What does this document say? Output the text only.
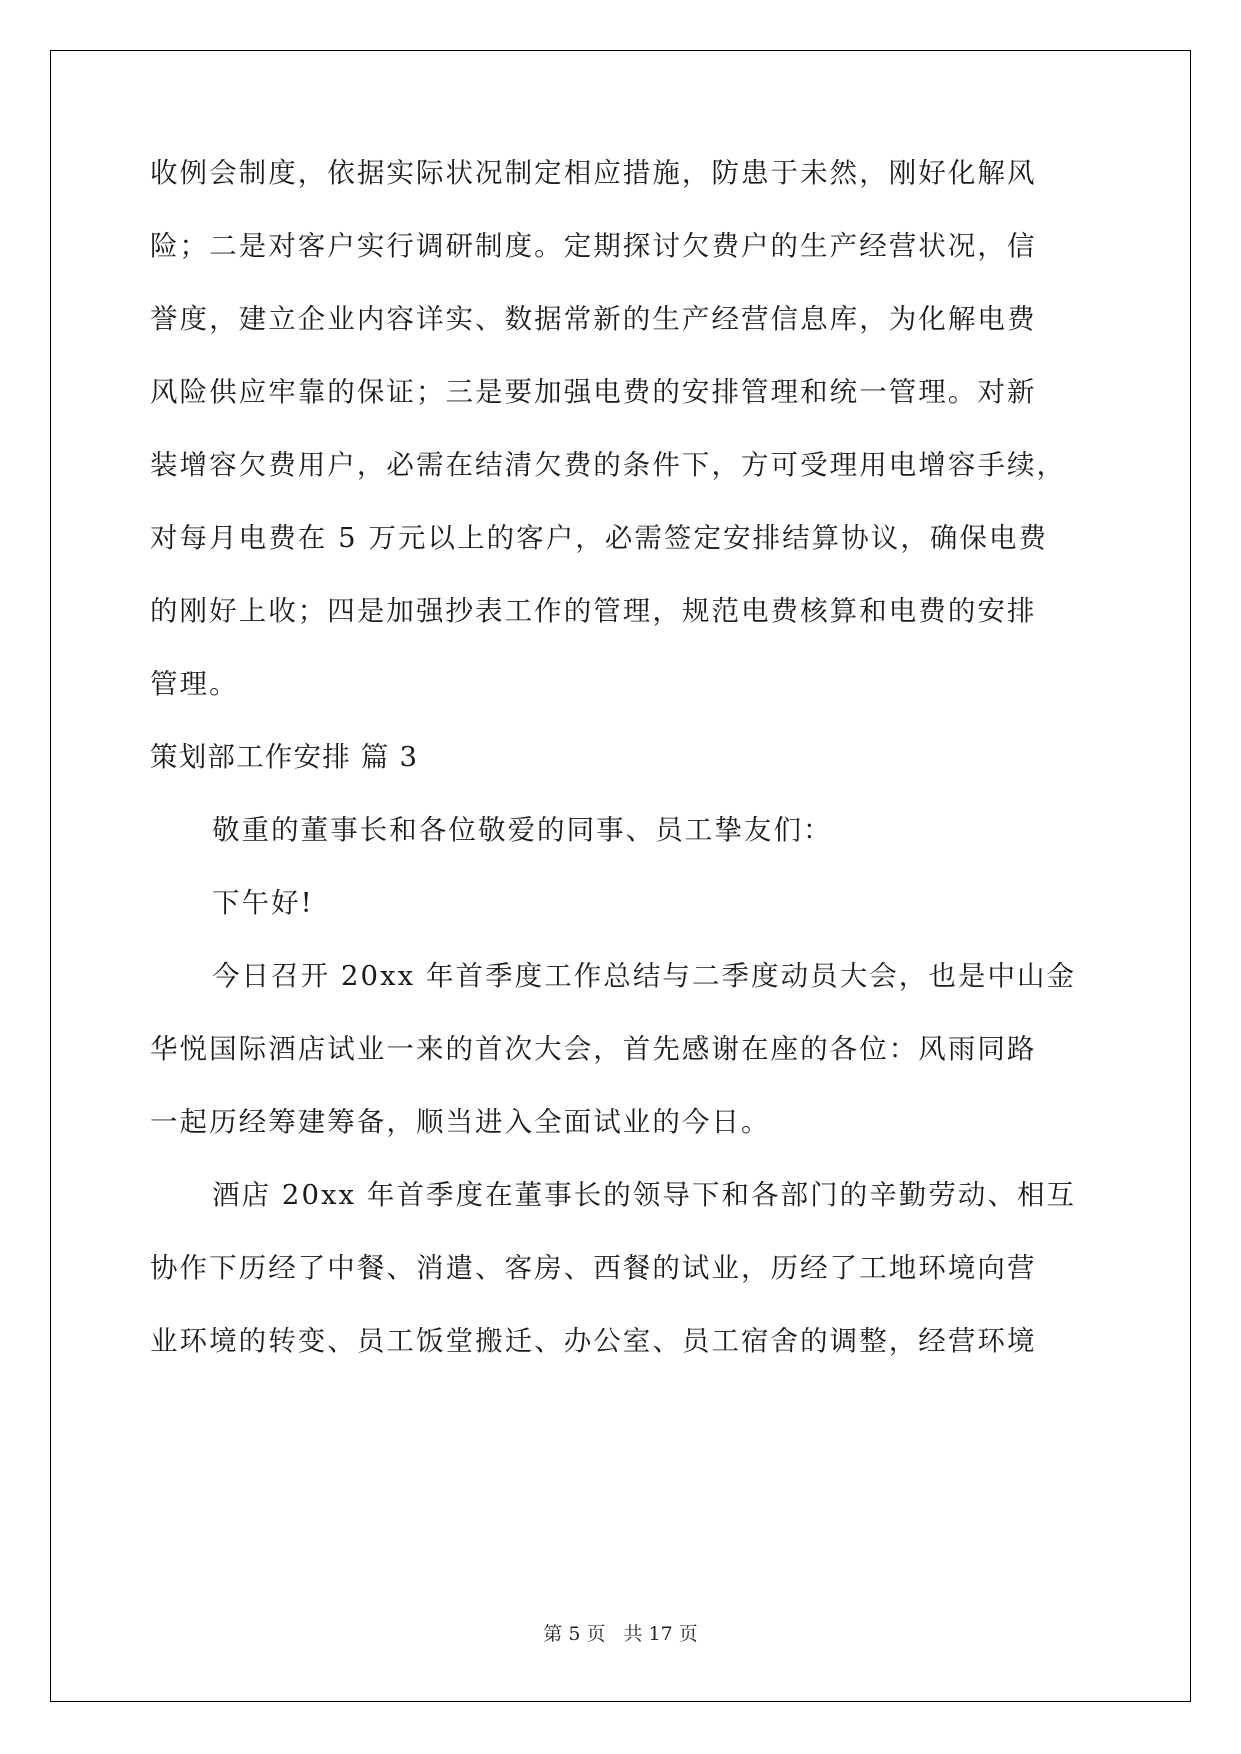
收例会制度，依据实际状况制定相应措施，防患于未然，刚好化解风
险；二是对客户实行调研制度。定期探讨欠费户的生产经营状况，信
誉度，建立企业内容详实、数据常新的生产经营信息库，为化解电费
风险供应牢靠的保证；三是要加强电费的安排管理和统一管理。对新
装增容欠费用户，必需在结清欠费的条件下，方可受理用电增容手续，
对每月电费在 5 万元以上的客户，必需签定安排结算协议，确保电费
的刚好上收；四是加强抄表工作的管理，规范电费核算和电费的安排
管理。
策划部工作安排 篇 3
敬重的董事长和各位敬爱的同事、员工挚友们：
下午好!
今日召开 20xx 年首季度工作总结与二季度动员大会，也是中山金
华悦国际酒店试业一来的首次大会，首先感谢在座的各位：风雨同路
一起历经筹建筹备，顺当进入全面试业的今日。
酒店 20xx 年首季度在董事长的领导下和各部门的辛勤劳动、相互
协作下历经了中餐、消遣、客房、西餐的试业，历经了工地环境向营
业环境的转变、员工饭堂搬迁、办公室、员工宿舍的调整，经营环境
第 5 页 共 17 页
